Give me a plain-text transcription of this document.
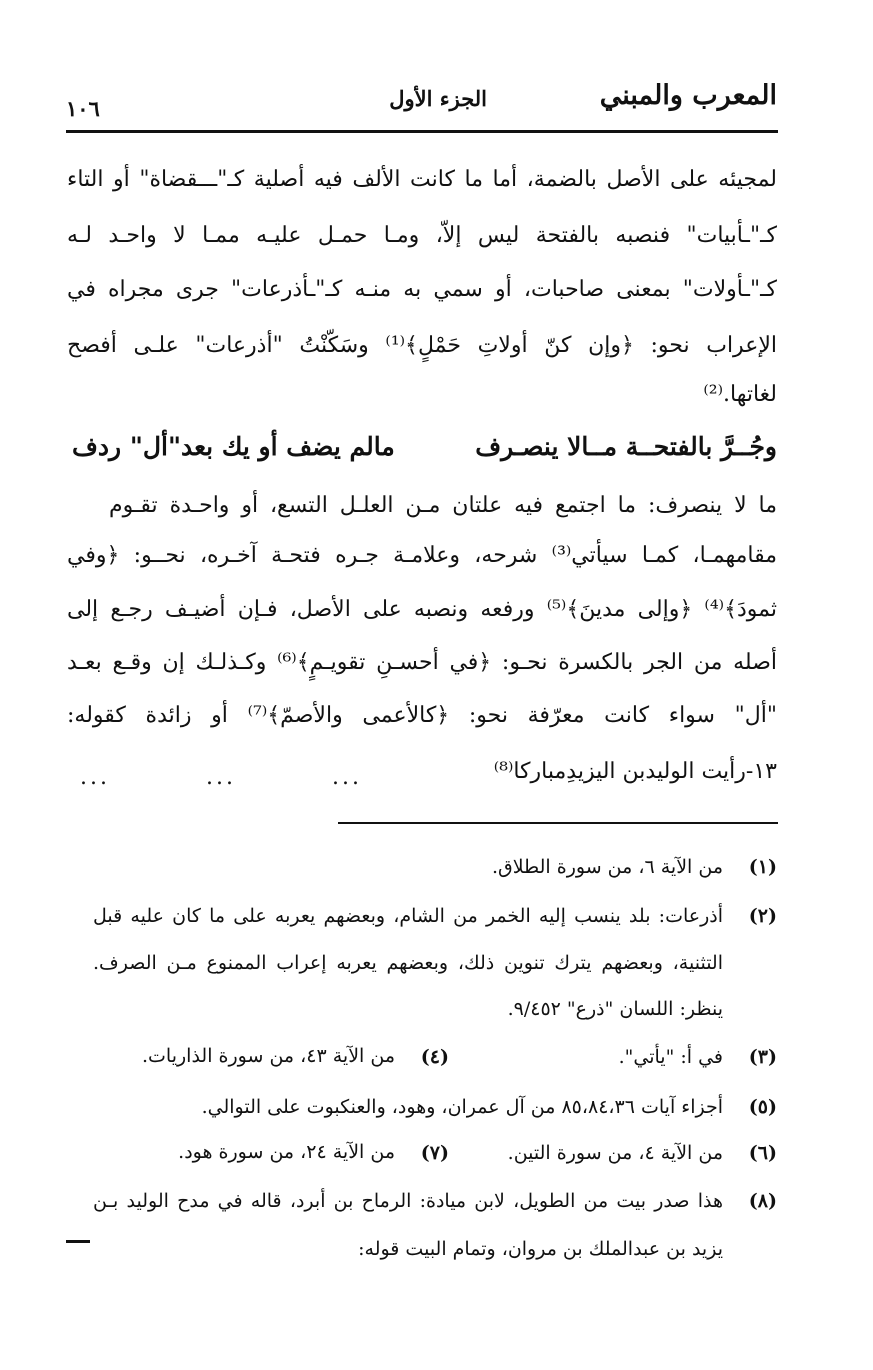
المعرب والمبني
الجزء الأول
١٠٦
لمجيئه على الأصل بالضمة، أما ما كانت الألف فيه أصلية كـ"ـــقضاة" أو التاء
كـ"ـأبيات" فنصبه بالفتحة ليس إلاّ، ومـا حمـل عليـه ممـا لا واحـد لـه
كـ"ـأولات" بمعنى صاحبات، أو سمي به منـه كـ"ـأذرعات" جرى مجراه في
الإعراب نحو: ﴿وإن كنّ أولاتِ حَمْلٍ﴾⁽¹⁾ وسَكّنْتُ "أذرعات" علـى أفصح
لغاتها.⁽²⁾
وجُــرَّ بالفتحــة مــالا ينصـرف
مالم يضف أو يك بعد"أل" ردف
ما لا ينصرف: ما اجتمع فيه علتان مـن العلـل التسع، أو واحـدة تقـوم
مقامهمـا، كمـا سيأتي⁽³⁾ شرحه، وعلامـة جـره فتحـة آخـره، نحــو: ﴿وفي
ثمودَ﴾⁽⁴⁾ ﴿وإلى مدينَ﴾⁽⁵⁾ ورفعه ونصبه على الأصل، فـإن أضيـف رجـع إلى
أصله من الجر بالكسرة نحـو: ﴿في أحسـنِ تقويـمٍ﴾⁽⁶⁾ وكـذلـك إن وقـع بعـد
"أل" سواء كانت معرّفة نحو: ﴿كالأعمى والأصمّ﴾⁽⁷⁾ أو زائدة كقوله:
١٣-رأيت الوليدبن اليزيدِمباركا⁽⁸⁾
...
...
...
(١)
من الآية ٦، من سورة الطلاق.
(٢)
أذرعات: بلد ينسب إليه الخمر من الشام، وبعضهم يعربه على ما كان عليه قبل
التثنية، وبعضهم يترك تنوين ذلك، وبعضهم يعربه إعراب الممنوع مـن الصرف.
ينظر: اللسان "ذرع" ٩/٤٥٢.
(٣)
في أ: "يأتي".
(٤)
من الآية ٤٣، من سورة الذاريات.
(٥)
أجزاء آيات ٨٥،٨٤،٣٦ من آل عمران، وهود، والعنكبوت على التوالي.
(٦)
من الآية ٤، من سورة التين.
(٧)
من الآية ٢٤، من سورة هود.
(٨)
هذا صدر بيت من الطويل، لابن ميادة: الرماح بن أبرد، قاله في مدح الوليد بـن
يزيد بن عبدالملك بن مروان، وتمام البيت قوله:
